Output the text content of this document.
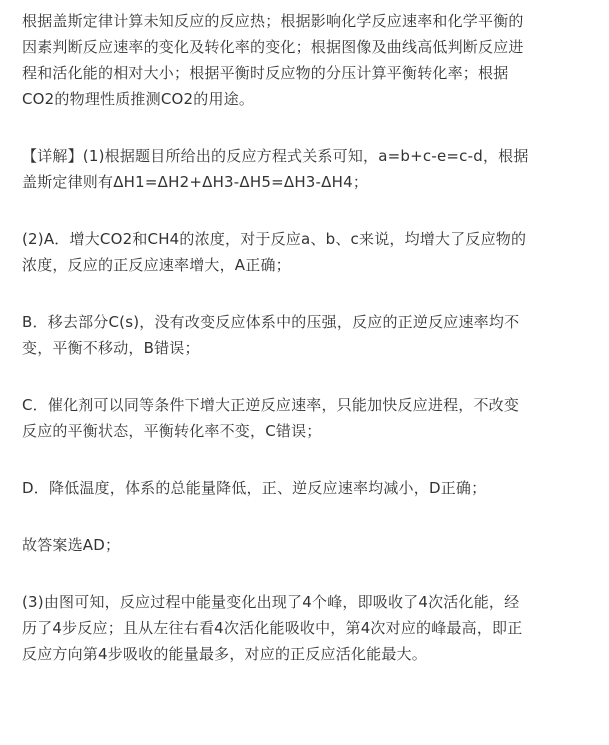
根据盖斯定律计算未知反应的反应热；根据影响化学反应速率和化学平衡的
因素判断反应速率的变化及转化率的变化；根据图像及曲线高低判断反应进
程和活化能的相对大小；根据平衡时反应物的分压计算平衡转化率；根据
CO2的物理性质推测CO2的用途。

【详解】(1)根据题目所给出的反应方程式关系可知，a=b+c-e=c-d，根据
盖斯定律则有ΔH1=ΔH2+ΔH3-ΔH5=ΔH3-ΔH4；

(2)A．增大CO2和CH4的浓度，对于反应a、b、c来说，均增大了反应物的
浓度，反应的正反应速率增大，A正确；

B．移去部分C(s)，没有改变反应体系中的压强，反应的正逆反应速率均不
变，平衡不移动，B错误；

C．催化剂可以同等条件下增大正逆反应速率，只能加快反应进程，不改变
反应的平衡状态，平衡转化率不变，C错误；

D．降低温度，体系的总能量降低，正、逆反应速率均减小，D正确；

故答案选AD；

(3)由图可知，反应过程中能量变化出现了4个峰，即吸收了4次活化能，经
历了4步反应；且从左往右看4次活化能吸收中，第4次对应的峰最高，即正
反应方向第4步吸收的能量最多，对应的正反应活化能最大。
